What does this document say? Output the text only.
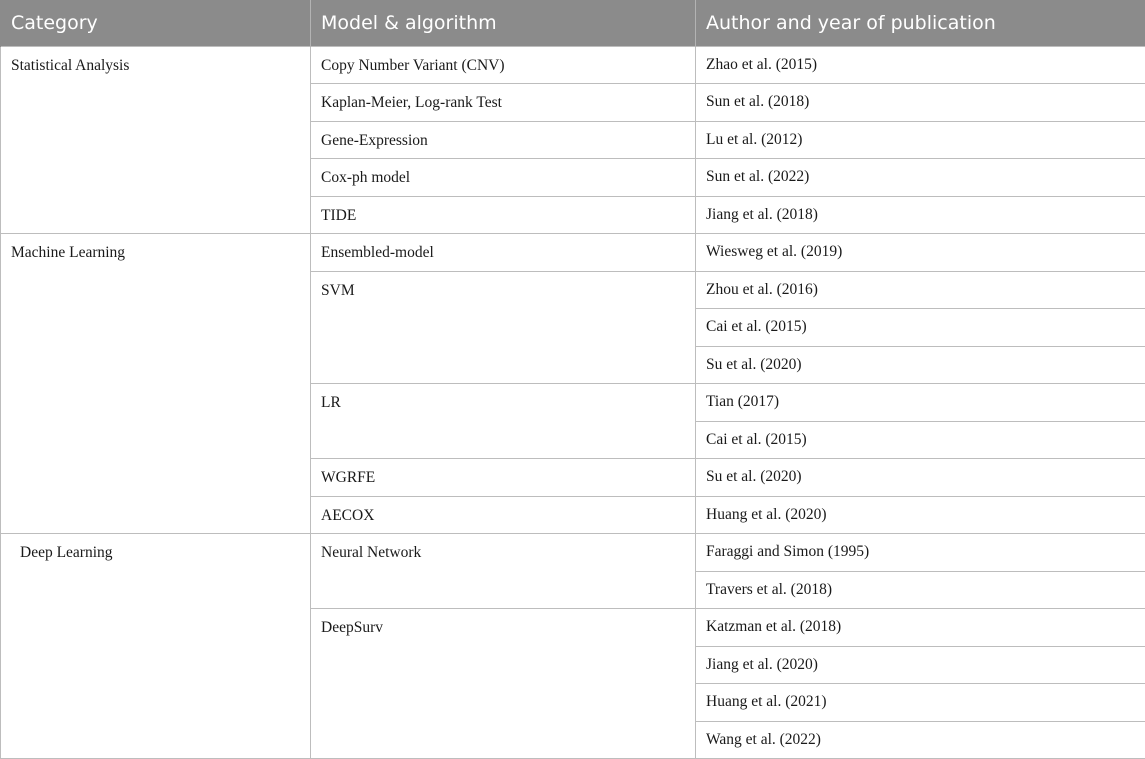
Category	Model & algorithm	Author and year of publication
Statistical Analysis	Copy Number Variant (CNV)	Zhao et al. (2015)
	Kaplan-Meier, Log-rank Test	Sun et al. (2018)
	Gene-Expression	Lu et al. (2012)
	Cox-ph model	Sun et al. (2022)
	TIDE	Jiang et al. (2018)
Machine Learning	Ensembled-model	Wiesweg et al. (2019)
	SVM	Zhou et al. (2016)
		Cai et al. (2015)
		Su et al. (2020)
	LR	Tian (2017)
		Cai et al. (2015)
	WGRFE	Su et al. (2020)
	AECOX	Huang et al. (2020)
Deep Learning	Neural Network	Faraggi and Simon (1995)
		Travers et al. (2018)
	DeepSurv	Katzman et al. (2018)
		Jiang et al. (2020)
		Huang et al. (2021)
		Wang et al. (2022)
